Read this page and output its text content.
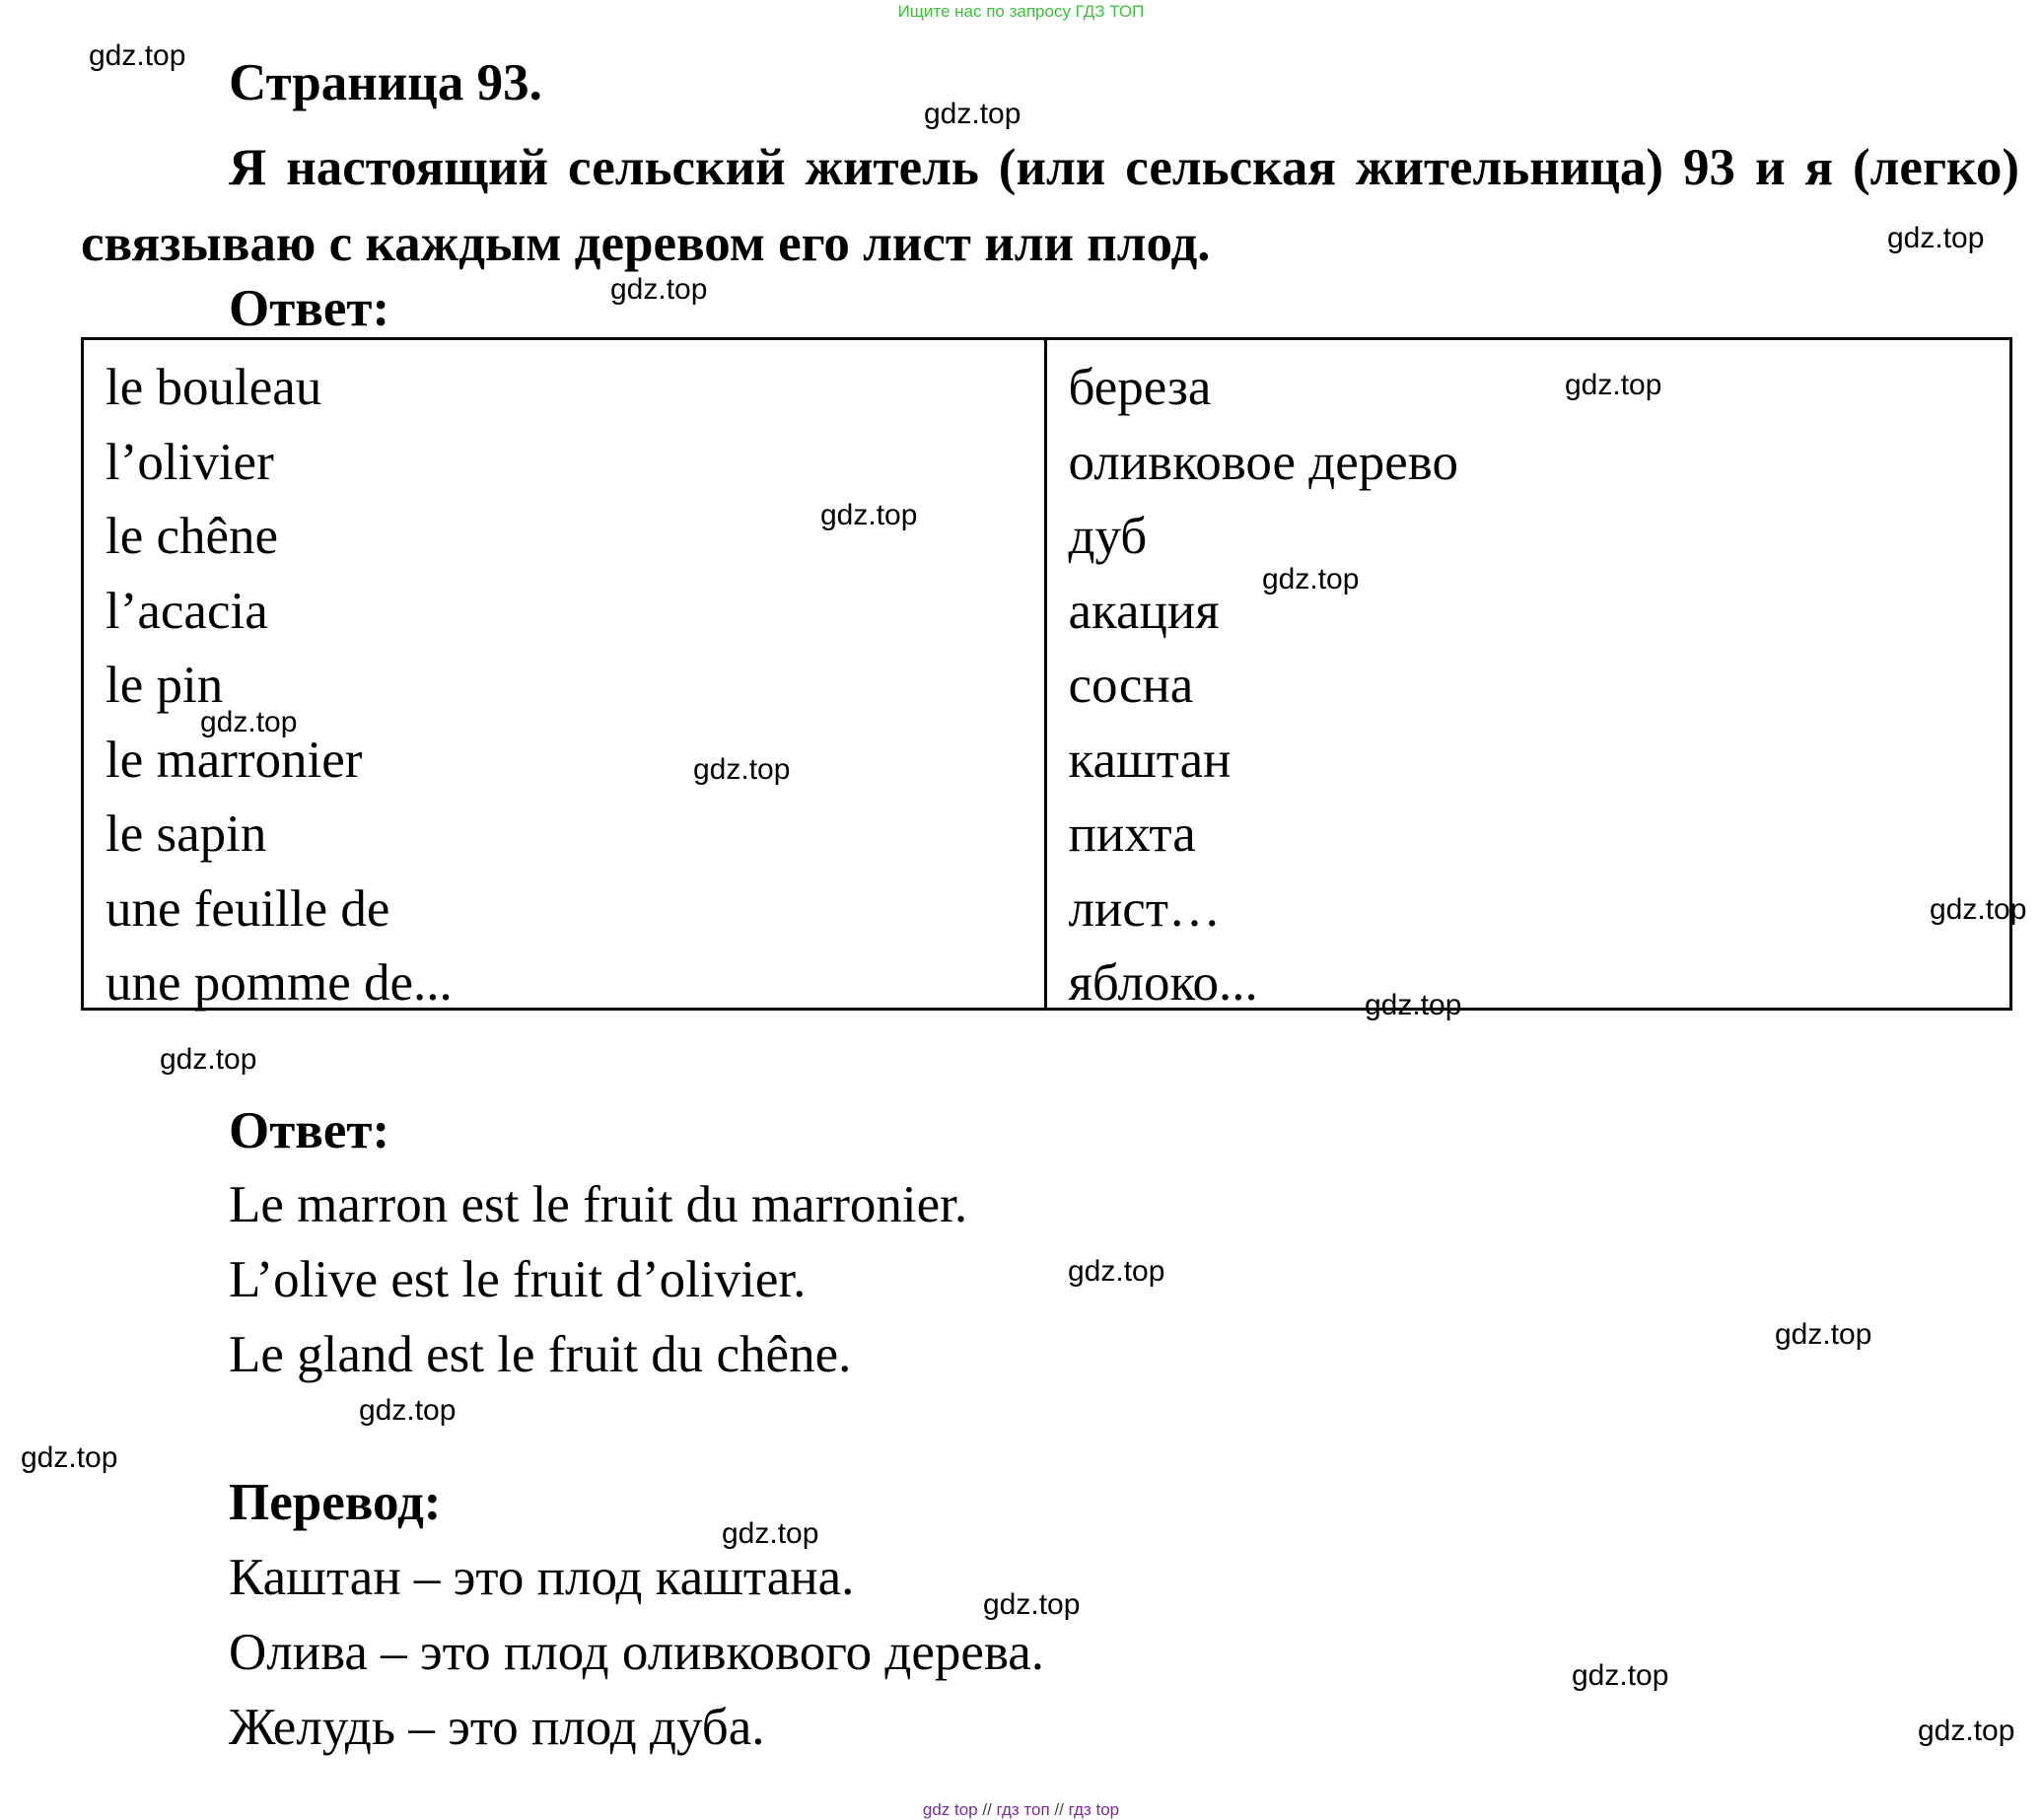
Ищите нас по запросу ГДЗ ТОП
Страница 93.
Я настоящий сельский житель (или сельская жительница) 93 и я (легко) связываю с каждым деревом его лист или плод.
Ответ:
le bouleau
l’olivier
le chêne
l’acacia
le pin
le marronier
le sapin
une feuille de
une pomme de...
береза
оливковое дерево
дуб
акация
сосна
каштан
пихта
лист…
яблоко...
Ответ:
Le marron est le fruit du marronier.
L’olive est le fruit d’olivier.
Le gland est le fruit du chêne.
Перевод:
Каштан – это плод каштана.
Олива – это плод оливкового дерева.
Желудь – это плод дуба.
gdz.top
gdz.top
gdz.top
gdz.top
gdz.top
gdz.top
gdz.top
gdz.top
gdz.top
gdz.top
gdz.top
gdz.top
gdz.top
gdz.top
gdz.top
gdz.top
gdz.top
gdz.top
gdz.top
gdz.top
gdz top // гдз топ // гдз top
